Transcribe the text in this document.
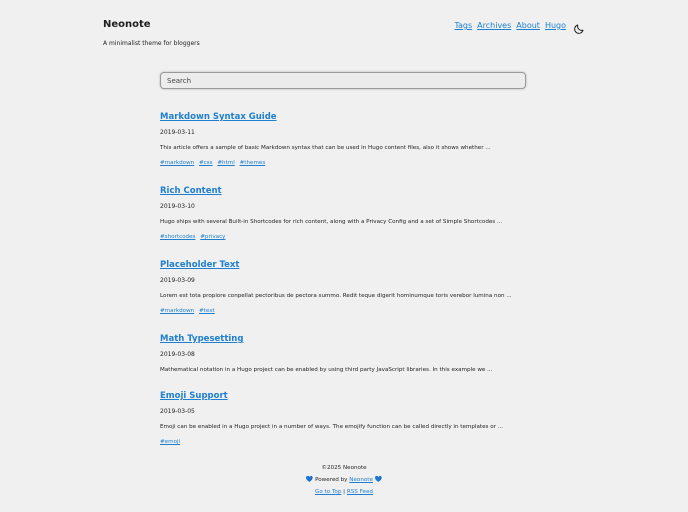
Neonote
A minimalist theme for bloggers
Tags Archives About Hugo
Search
Markdown Syntax Guide
2019-03-11
This article offers a sample of basic Markdown syntax that can be used in Hugo content files, also it shows whether ...
#markdown #css #html #themes
Rich Content
2019-03-10
Hugo ships with several Built-in Shortcodes for rich content, along with a Privacy Config and a set of Simple Shortcodes ...
#shortcodes #privacy
Placeholder Text
2019-03-09
Lorem est tota propiore conpellat pectoribus de pectora summo. Redit teque digerit hominumque toris verebor lumina non ...
#markdown #text
Math Typesetting
2019-03-08
Mathematical notation in a Hugo project can be enabled by using third party JavaScript libraries. In this example we ...
Emoji Support
2019-03-05
Emoji can be enabled in a Hugo project in a number of ways. The emojify function can be called directly in templates or ...
#emoji
©2025 Neonote
💙 Powered by Neonote 💙
Go to Top | RSS Feed
